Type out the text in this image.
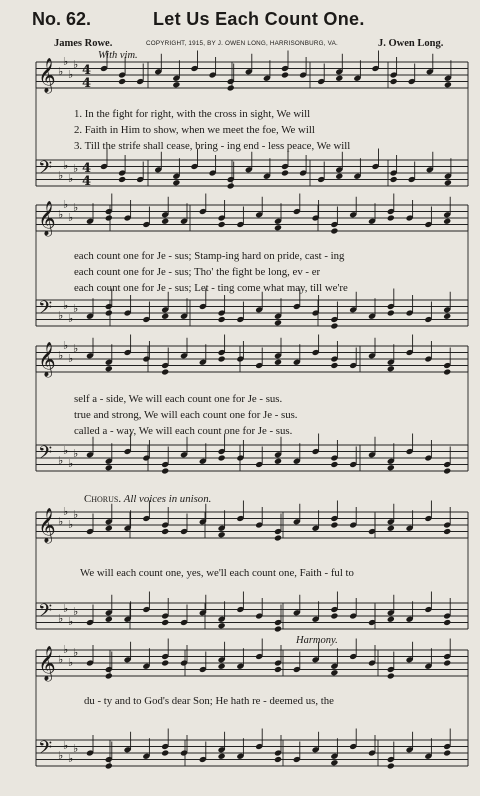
No. 62.	Let Us Each Count One.
James Rowe.	COPYRIGHT, 1915, BY J. OWEN LONG, HARRISONBURG, VA.	J. Owen Long.
With vim.
𝄞 ♭
♭
♭
♭ 4
4
𝄢 ♭
♭
♭
♭ 4
4
𝄞 ♭
♭
♭
♭
𝄢 ♭
♭
♭
♭
𝄞 ♭
♭
♭
♭
𝄢 ♭
♭
♭
♭
𝄞 ♭
♭
♭
♭
𝄢 ♭
♭
♭
♭
𝄞 ♭
♭
♭
♭
𝄢 ♭
♭
♭
♭
1. In the fight for right, with the cross in sight, We will
2. Faith in Him to show, when we meet the foe, We will
3. Till the strife shall cease, bring - ing end - less peace, We will
each count one for Je - sus; Stamp-ing hard on pride, cast - ing
each count one for Je - sus; Tho' the fight be long, ev - er
each count one for Je - sus; Let - ting come what may, till we're
self a - side, We will each count one for Je - sus.
true and strong, We will each count one for Je - sus.
called a - way, We will each count one for Je - sus.
Chorus. All voices in unison.
We will each count one, yes, we'll each count one, Faith - ful to
Harmony.
du - ty and to God's dear Son; He hath re - deemed us, the
